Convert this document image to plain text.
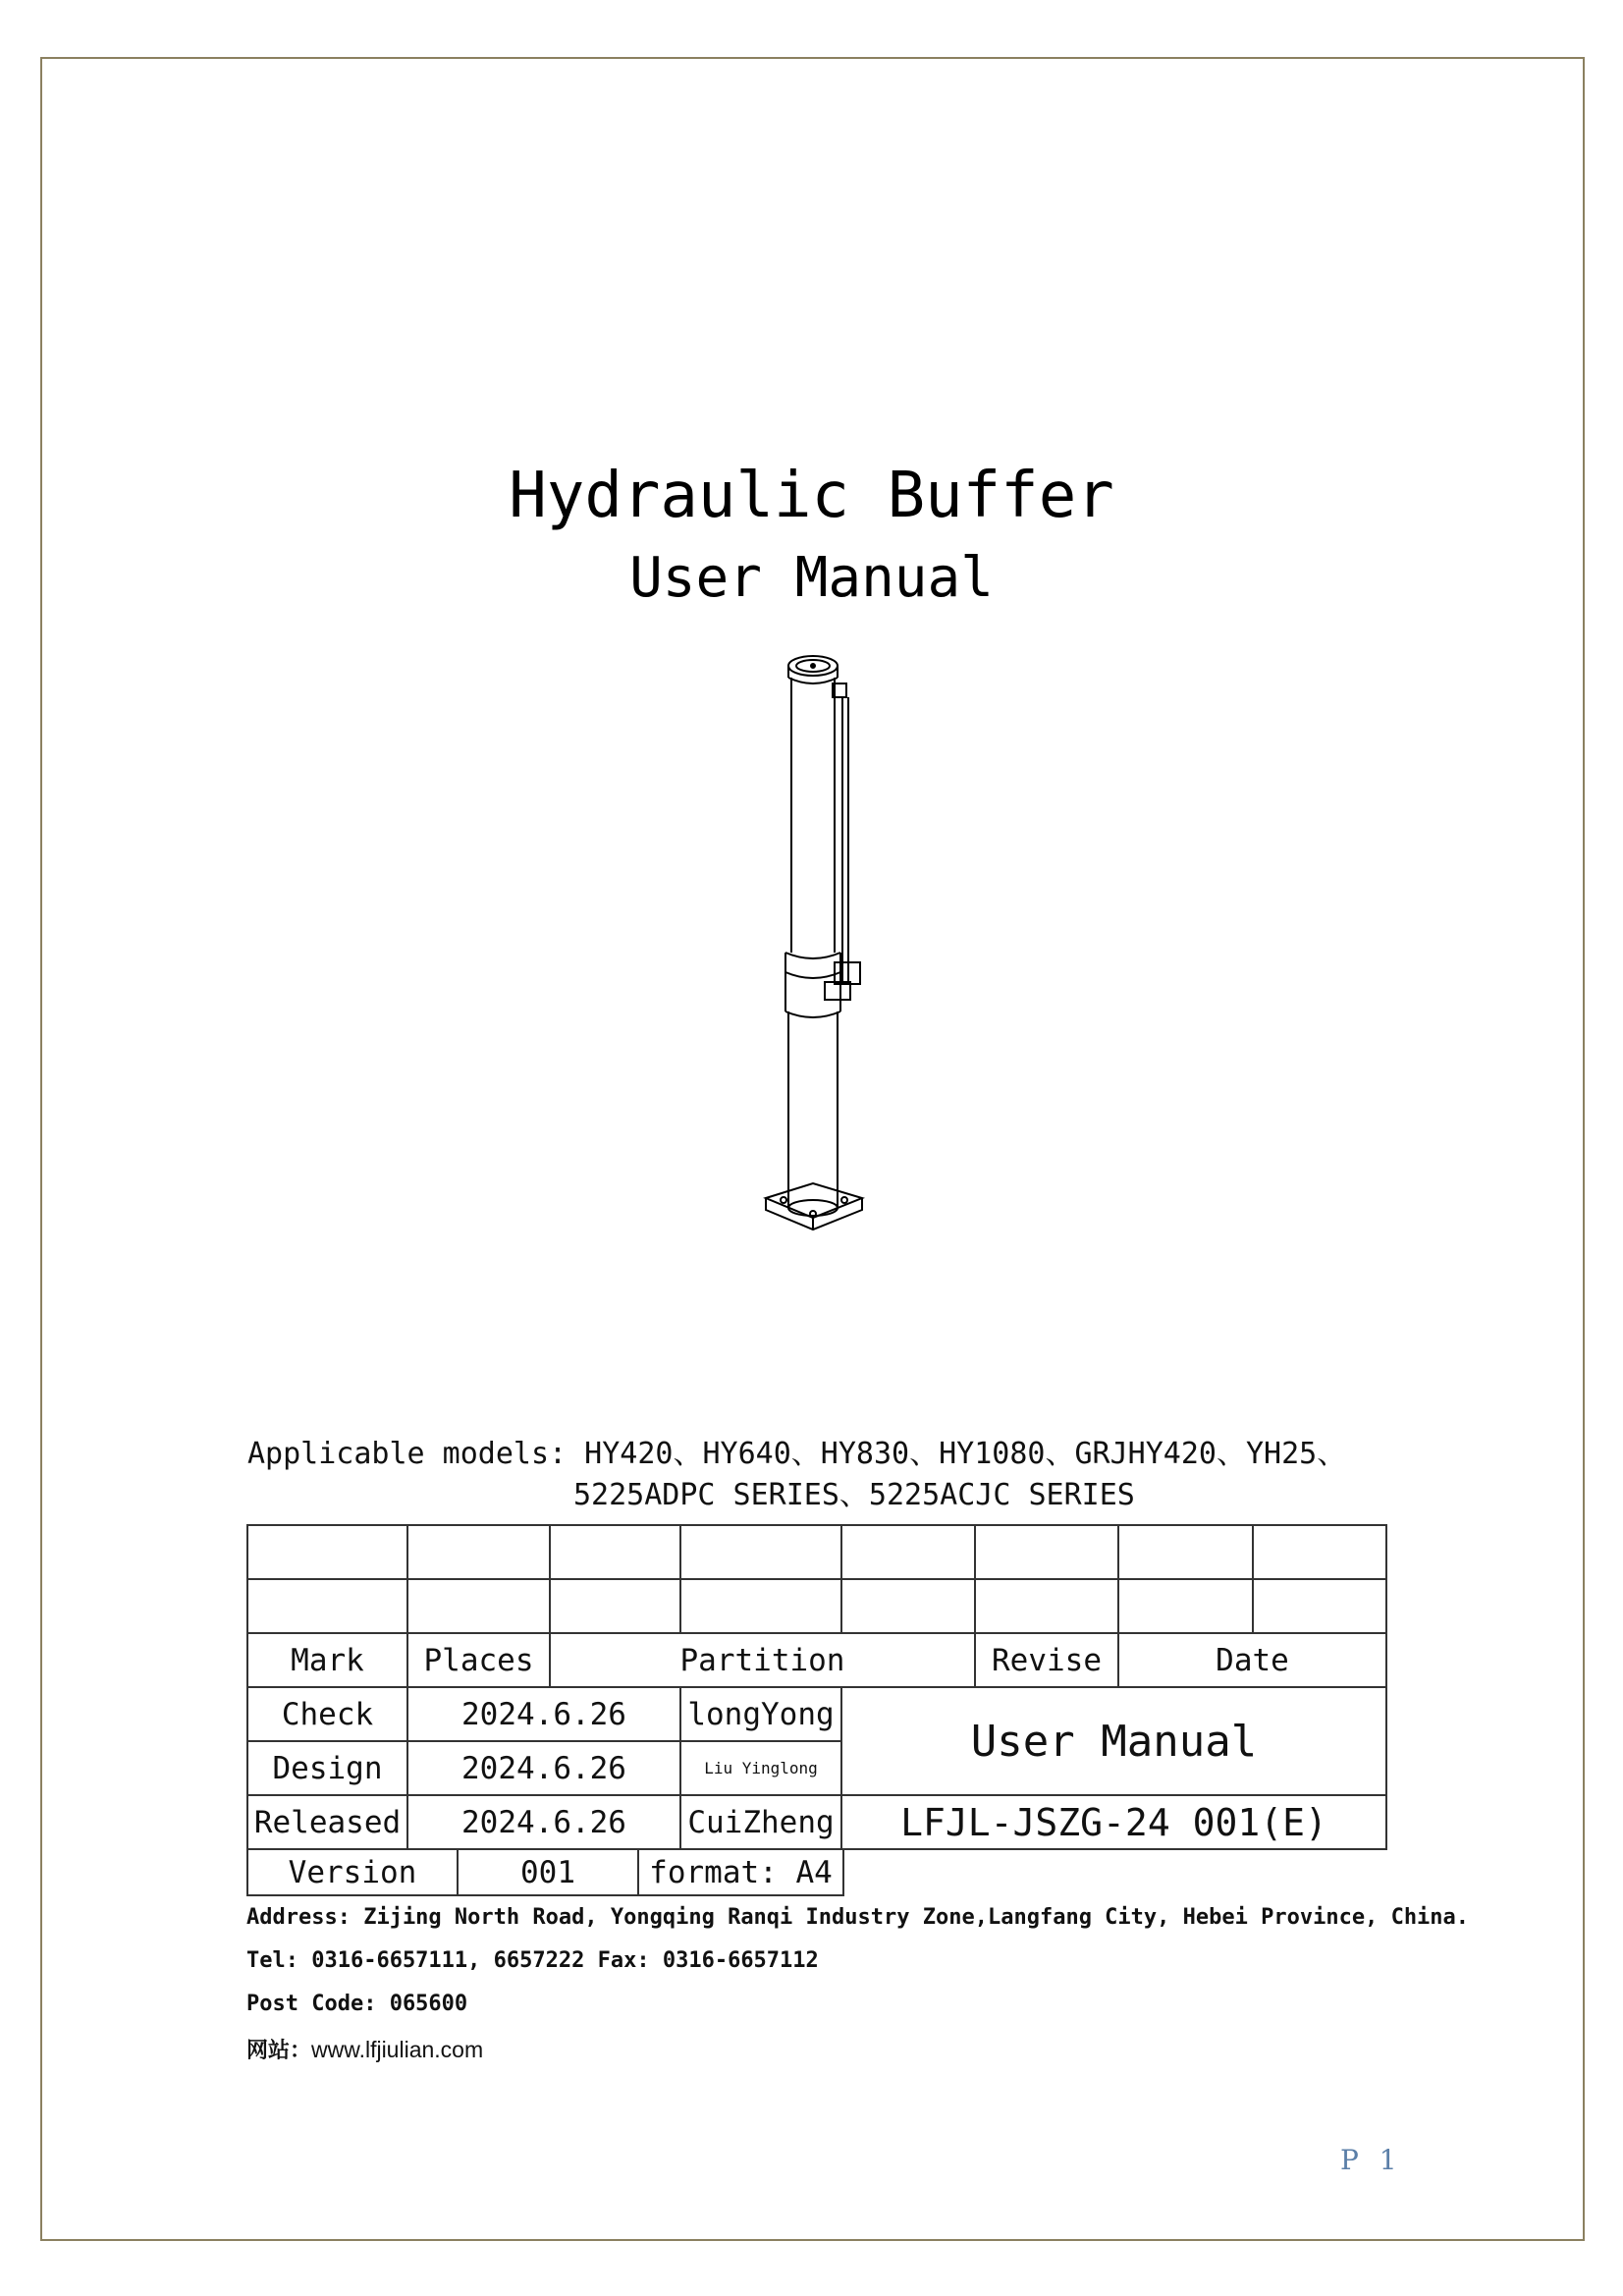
Hydraulic Buffer
User Manual
Applicable models: HY420、HY640、HY830、HY1080、GRJHY420、YH25、
5225ADPC SERIES、5225ACJC SERIES

Mark	Places	Partition			Revise	Date	
Check	2024.6.26		longYong	User Manual			
Design	2024.6.26		Liu Yinglong				
Released	2024.6.26		CuiZheng	LFJL-JSZG-24 001(E)			
Version	001	format: A4
Address: Zijing North Road, Yongqing Ranqi Industry Zone,Langfang City, Hebei Province, China.
Tel: 0316-6657111, 6657222 Fax: 0316-6657112
Post Code: 065600
网站：www.lfjiulian.com
P 1
